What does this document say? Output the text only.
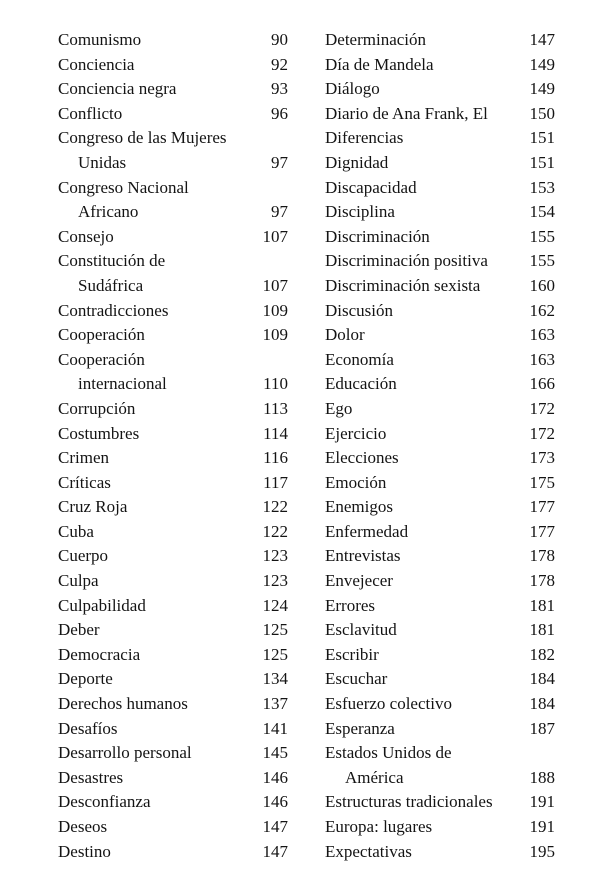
Comunismo	90
Conciencia	92
Conciencia negra	93
Conflicto	96
Congreso de las Mujeres
Unidas	97
Congreso Nacional
Africano	97
Consejo	107
Constitución de
Sudáfrica	107
Contradicciones	109
Cooperación	109
Cooperación
internacional	110
Corrupción	113
Costumbres	114
Crimen	116
Críticas	117
Cruz Roja	122
Cuba	122
Cuerpo	123
Culpa	123
Culpabilidad	124
Deber	125
Democracia	125
Deporte	134
Derechos humanos	137
Desafíos	141
Desarrollo personal	145
Desastres	146
Desconfianza	146
Deseos	147
Destino	147
Determinación	147
Día de Mandela	149
Diálogo	149
Diario de Ana Frank, El 150
Diferencias	151
Dignidad	151
Discapacidad	153
Disciplina	154
Discriminación	155
Discriminación positiva 155
Discriminación sexista	160
Discusión	162
Dolor	163
Economía	163
Educación	166
Ego	172
Ejercicio	172
Elecciones	173
Emoción	175
Enemigos	177
Enfermedad	177
Entrevistas	178
Envejecer	178
Errores	181
Esclavitud	181
Escribir	182
Escuchar	184
Esfuerzo colectivo	184
Esperanza	187
Estados Unidos de
América	188
Estructuras tradicionales 191
Europa: lugares	191
Expectativas	195
